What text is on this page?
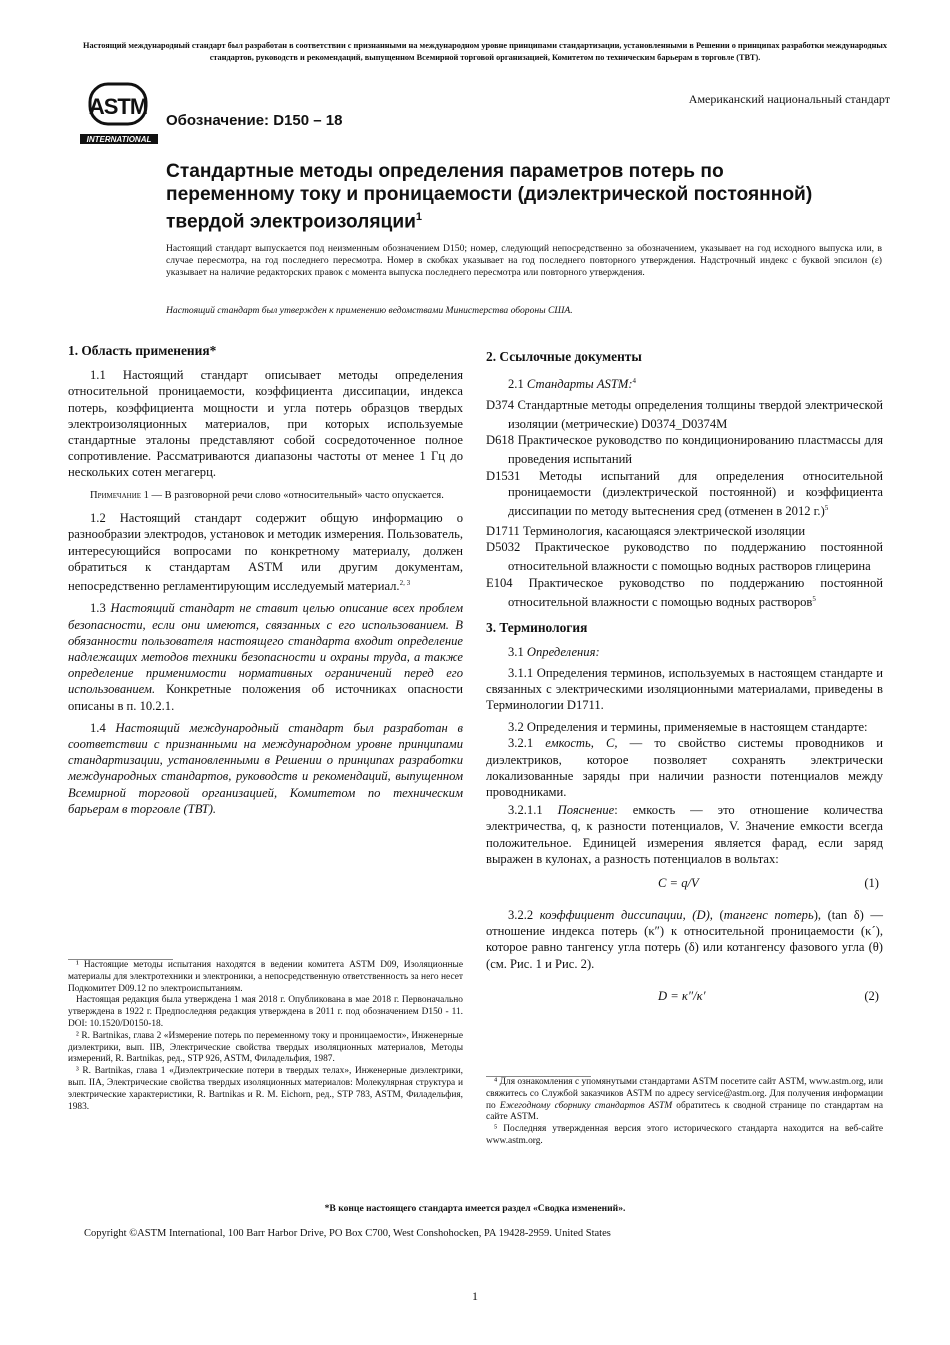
Настоящий международный стандарт был разработан в соответствии с признанными на международном уровне принципами стандартизации, установленными в Решении о принципах разработки международных стандартов, руководств и рекомендаций, выпущенном Всемирной торговой организацией, Комитетом по техническим барьерам в торговле (ТВТ).
ASTM
INTERNATIONAL
Обозначение: D150 – 18
Американский национальный стандарт
Стандартные методы определения параметров потерь по переменному току и проницаемости (диэлектрической постоянной) твердой электроизоляции$^1$
Настоящий стандарт выпускается под неизменным обозначением D150; номер, следующий непосредственно за обозначением, указывает на год исходного выпуска или, в случае пересмотра, на год последнего пересмотра. Номер в скобках указывает на год последнего повторного утверждения. Надстрочный индекс с буквой эпсилон (ε) указывает на наличие редакторских правок с момента выпуска последнего пересмотра или повторного утверждения.
Настоящий стандарт был утвержден к применению ведомствами Министерства обороны США.

1. Область применения*

1.1 Настоящий стандарт описывает методы определения относительной проницаемости, коэффициента диссипации, индекса потерь, коэффициента мощности и угла потерь образцов твердых электроизоляционных материалов, при которых используемые стандартные эталоны представляют собой сосредоточенное полное сопротивление. Рассматриваются диапазоны частоты от менее 1 Гц до нескольких сотен мегагерц.

Примечание 1 — В разговорной речи слово «относительный» часто опускается.

1.2 Настоящий стандарт содержит общую информацию о разнообразии электродов, установок и методик измерения. Пользователь, интересующийся вопросами по конкретному материалу, должен обратиться к стандартам ASTM или другим документам, непосредственно регламентирующим исследуемый материал.$^{2, 3}$

1.3 Настоящий стандарт не ставит целью описание всех проблем безопасности, если они имеются, связанных с его использованием. В обязанности пользователя настоящего стандарта входит определение надлежащих методов техники безопасности и охраны труда, а также определение применимости нормативных ограничений перед его использованием. Конкретные положения об источниках опасности описаны в п. 10.2.1.

1.4 Настоящий международный стандарт был разработан в соответствии с признанными на международном уровне принципами стандартизации, установленными в Решении о принципах разработки международных стандартов, руководств и рекомендаций, выпущенном Всемирной торговой организацией, Комитетом по техническим барьерам в торговле (ТВТ).

¹ Настоящие методы испытания находятся в ведении комитета ASTM D09, Изоляционные материалы для электротехники и электроники, а непосредственную ответственность за него несет Подкомитет D09.12 по электроиспытаниям.

Настоящая редакция была утверждена 1 мая 2018 г. Опубликована в мае 2018 г. Первоначально утверждена в 1922 г. Предпоследняя редакция утверждена в 2011 г. под обозначением D150 - 11. DOI: 10.1520/D0150-18.

² R. Bartnikas, глава 2 «Измерение потерь по переменному току и проницаемости», Инженерные диэлектрики, вып. IIB, Электрические свойства твердых изоляционных материалов, Методы измерений, R. Bartnikas, ред., STP 926, ASTM, Филадельфия, 1987.

³ R. Bartnikas, глава 1 «Диэлектрические потери в твердых телах», Инженерные диэлектрики, вып. IIA, Электрические свойства твердых изоляционных материалов: Молекулярная структура и электрические характеристики, R. Bartnikas и R. M. Eichorn, ред., STP 783, ASTM, Филадельфия, 1983.

2. Ссылочные документы

2.1 Стандарты ASTM:$^4$

D374 Стандартные методы определения толщины твердой электрической изоляции (метрические) D0374_D0374M

D618 Практическое руководство по кондиционированию пластмассы для проведения испытаний

D1531 Методы испытаний для определения относительной проницаемости (диэлектрической постоянной) и коэффициента диссипации по методу вытеснения сред (отменен в 2012 г.)$^5$

D1711 Терминология, касающаяся электрической изоляции

D5032 Практическое руководство по поддержанию постоянной относительной влажности с помощью водных растворов глицерина

E104 Практическое руководство по поддержанию постоянной относительной влажности с помощью водных растворов$^5$

3. Терминология

3.1 Определения:

3.1.1 Определения терминов, используемых в настоящем стандарте и связанных с электрическими изоляционными материалами, приведены в Терминологии D1711.

3.2 Определения и термины, применяемые в настоящем стандарте:

3.2.1 емкость, C, — то свойство системы проводников и диэлектриков, которое позволяет сохранять электрически локализованные заряды при наличии разности потенциалов между проводниками.

3.2.1.1 Пояснение: емкость — это отношение количества электричества, q, к разности потенциалов, V. Значение емкости всегда положительное. Единицей измерения является фарад, если заряд выражен в кулонах, а разность потенциалов в вольтах:

C = q/V	(1)

3.2.2 коэффициент диссипации, (D), (тангенс потерь), (tan δ) — отношение индекса потерь (κ″) к относительной проницаемости (κ´), которое равно тангенсу угла потерь (δ) или котангенсу фазового угла (θ) (см. Рис. 1 и Рис. 2).

D = κ″/κ′	(2)

⁴ Для ознакомления с упомянутыми стандартами ASTM посетите сайт ASTM, www.astm.org, или свяжитесь со Службой заказчиков ASTM по адресу service@astm.org. Для получения информации по Ежегодному сборнику стандартов ASTM обратитесь к сводной странице по стандартам на сайте ASTM.

⁵ Последняя утвержденная версия этого исторического стандарта находится на веб-сайте www.astm.org.

*В конце настоящего стандарта имеется раздел «Сводка изменений».
Copyright ©ASTM International, 100 Barr Harbor Drive, PO Box C700, West Conshohocken, PA 19428-2959. United States
1
